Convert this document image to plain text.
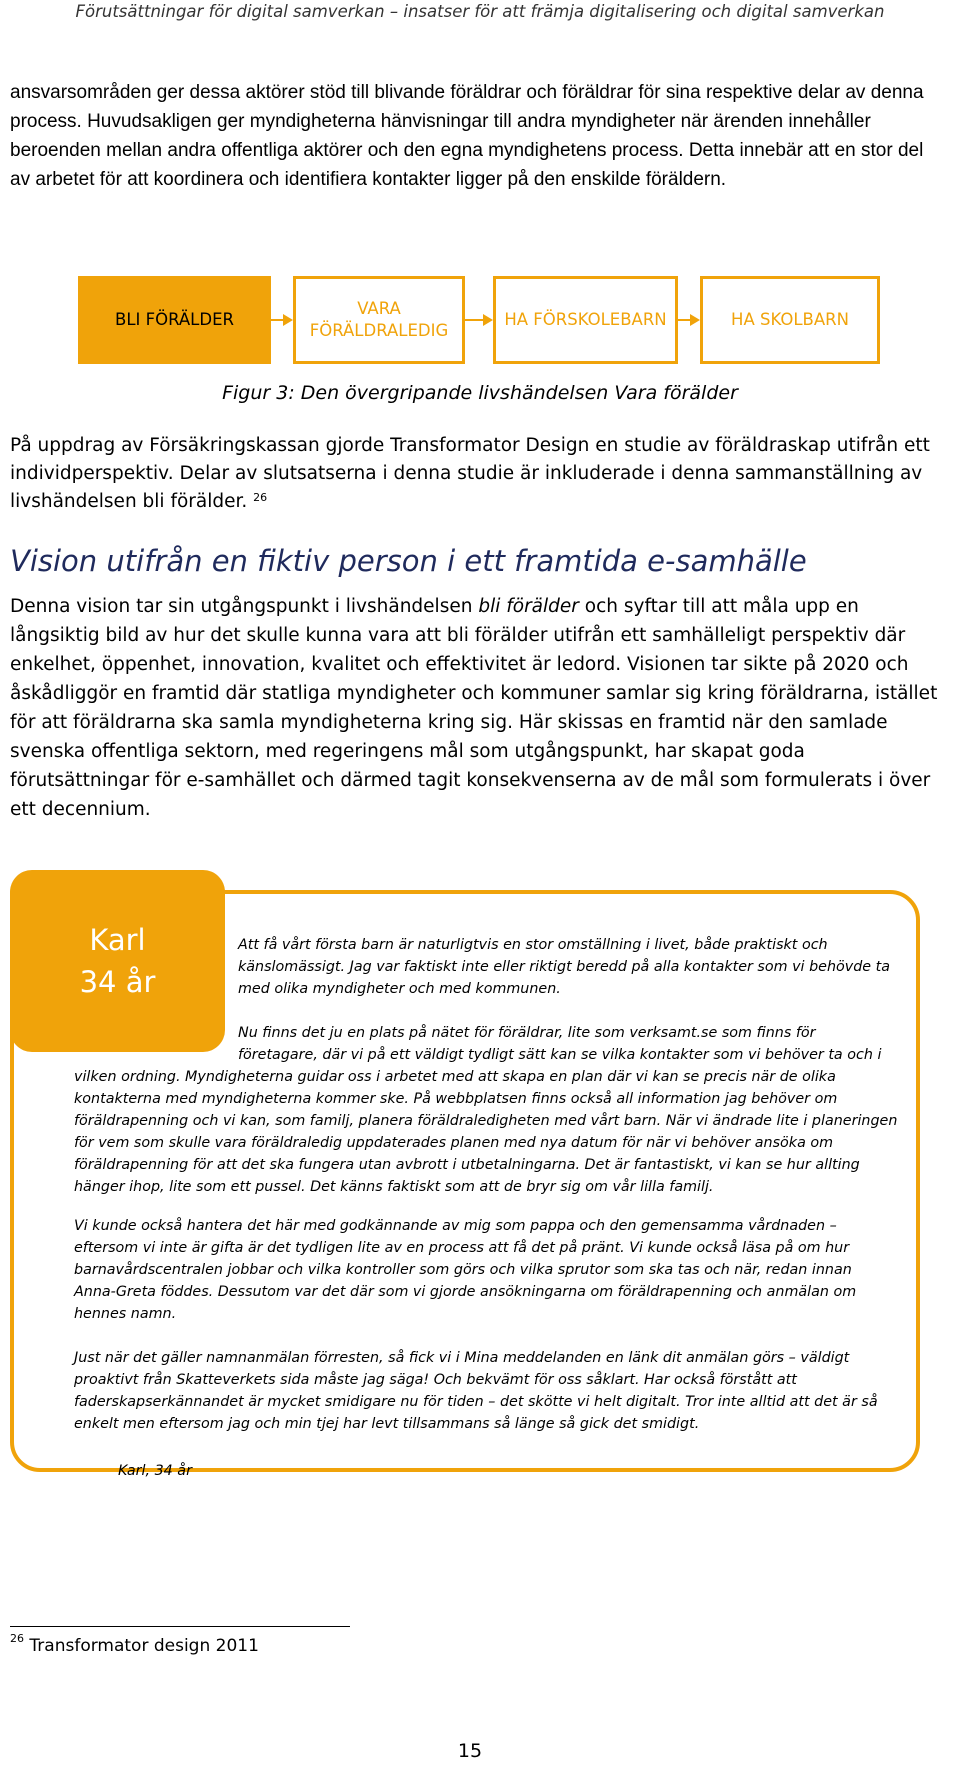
Förutsättningar för digital samverkan – insatser för att främja digitalisering och digital samverkan
ansvarsområden ger dessa aktörer stöd till blivande föräldrar och föräldrar för sina respektive delar av denna process. Huvudsakligen ger myndigheterna hänvisningar till andra myndigheter när ärenden innehåller beroenden mellan andra offentliga aktörer och den egna myndighetens process. Detta innebär att en stor del av arbetet för att koordinera och identifiera kontakter ligger på den enskilde föräldern.
BLI FÖRÄLDER
VARA FÖRÄLDRALEDIG
HA FÖRSKOLEBARN	HA SKOLBARN
Figur 3: Den övergripande livshändelsen Vara förälder
På uppdrag av Försäkringskassan gjorde Transformator Design en studie av föräldraskap utifrån ett individperspektiv. Delar av slutsatserna i denna studie är inkluderade i denna sammanställning av livshändelsen bli förälder. $^{26}$
Vision utifrån en fiktiv person i ett framtida e-samhälle
Denna vision tar sin utgångspunkt i livshändelsen bli förälder och syftar till att måla upp en långsiktig bild av hur det skulle kunna vara att bli förälder utifrån ett samhälleligt perspektiv där enkelhet, öppenhet, innovation, kvalitet och effektivitet är ledord. Visionen tar sikte på 2020 och åskådliggör en framtid där statliga myndigheter och kommuner samlar sig kring föräldrarna, istället för att föräldrarna ska samla myndigheterna kring sig. Här skissas en framtid när den samlade svenska offentliga sektorn, med regeringens mål som utgångspunkt, har skapat goda förutsättningar för e-samhället och därmed tagit konsekvenserna av de mål som formulerats i över ett decennium.
Karl
34 år
Att få vårt första barn är naturligtvis en stor omställning i livet, både praktiskt och känslomässigt. Jag var faktiskt inte eller riktigt beredd på alla kontakter som vi behövde ta med olika myndigheter och med kommunen.
Nu finns det ju en plats på nätet för föräldrar, lite som verksamt.se som finns för
företagare, där vi på ett väldigt tydligt sätt kan se vilka kontakter som vi behöver ta och i
vilken ordning. Myndigheterna guidar oss i arbetet med att skapa en plan där vi kan se precis när de olika kontakterna med myndigheterna kommer ske. På webbplatsen finns också all information jag behöver om föräldrapenning och vi kan, som familj, planera föräldraledigheten med vårt barn. När vi ändrade lite i planeringen för vem som skulle vara föräldraledig uppdaterades planen med nya datum för när vi behöver ansöka om föräldrapenning för att det ska fungera utan avbrott i utbetalningarna. Det är fantastiskt, vi kan se hur allting hänger ihop, lite som ett pussel. Det känns faktiskt som att de bryr sig om vår lilla familj.
Vi kunde också hantera det här med godkännande av mig som pappa och den gemensamma vårdnaden – eftersom vi inte är gifta är det tydligen lite av en process att få det på pränt. Vi kunde också läsa på om hur barnavårdscentralen jobbar och vilka kontroller som görs och vilka sprutor som ska tas och när, redan innan Anna-Greta föddes. Dessutom var det där som vi gjorde ansökningarna om föräldrapenning och anmälan om hennes namn.
Just när det gäller namnanmälan förresten, så fick vi i Mina meddelanden en länk dit anmälan görs – väldigt proaktivt från Skatteverkets sida måste jag säga! Och bekvämt för oss såklart. Har också förstått att faderskapserkännandet är mycket smidigare nu för tiden – det skötte vi helt digitalt. Tror inte alltid att det är så enkelt men eftersom jag och min tjej har levt tillsammans så länge så gick det smidigt.
Karl, 34 år
$^{26}$ Transformator design 2011
15
